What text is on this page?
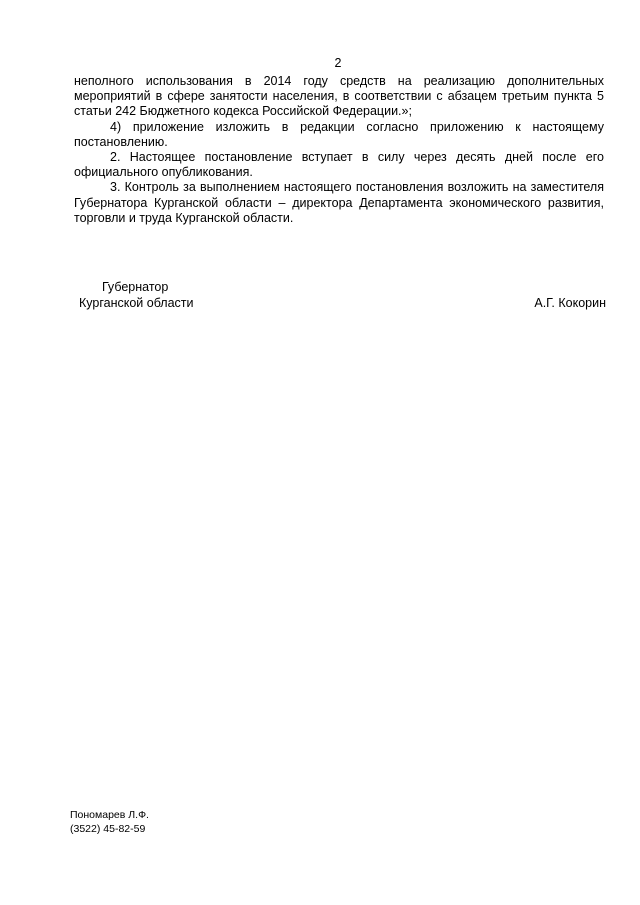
2

неполного использования в 2014 году средств на реализацию дополнительных мероприятий в сфере занятости населения, в соответствии с абзацем третьим пункта 5 статьи 242 Бюджетного кодекса Российской Федерации.»;

4) приложение изложить в редакции согласно приложению к настоящему постановлению.

2. Настоящее постановление вступает в силу через десять дней после его официального опубликования.

3. Контроль за выполнением настоящего постановления возложить на заместителя Губернатора Курганской области – директора Департамента экономического развития, торговли и труда Курганской области.

Губернатор
Курганской области	А.Г. Кокорин
Пономарев Л.Ф.
(3522) 45-82-59
